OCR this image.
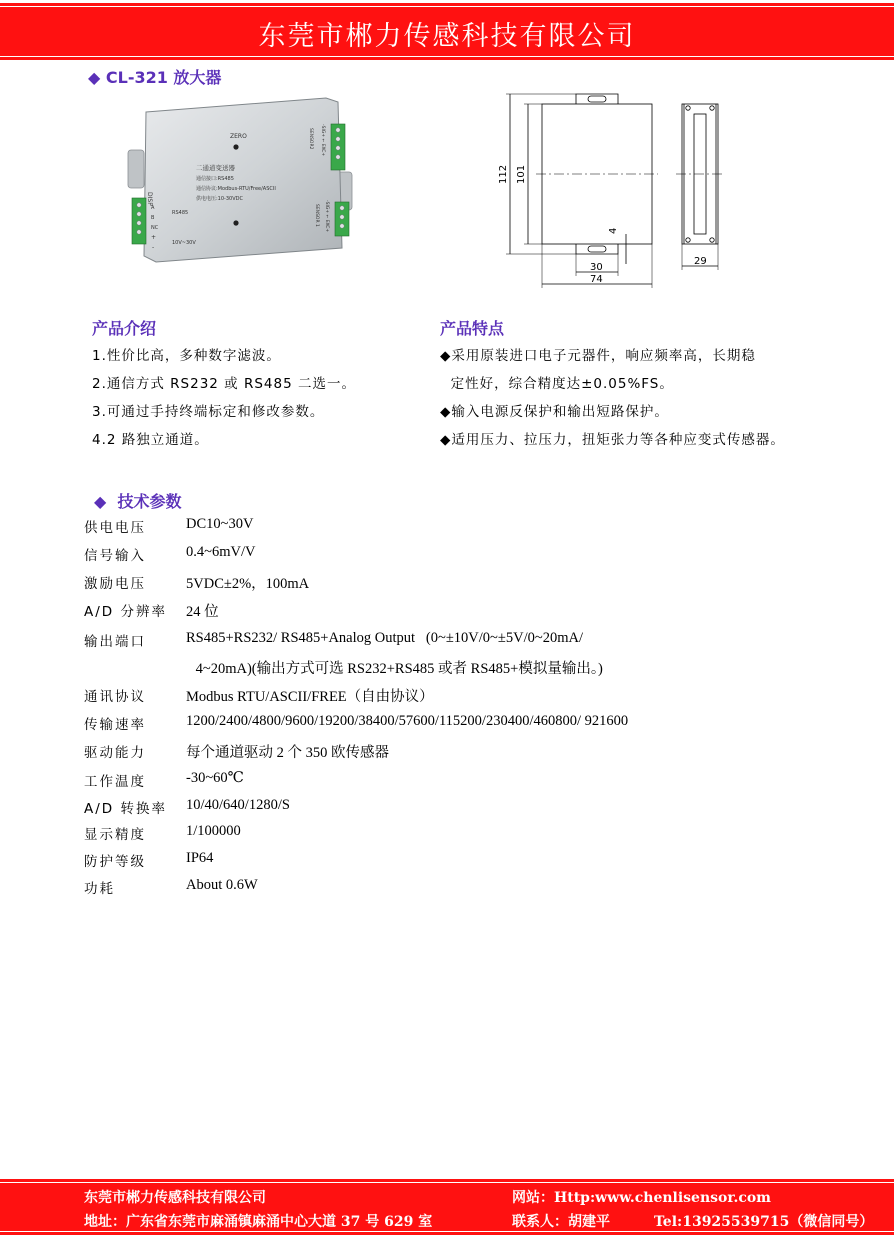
东莞市郴力传感科技有限公司
◆ CL-321 放大器
ZERO
二通道变送器
通信接口:RS485
通信协议:Modbus-RTU/Free/ASCII
供电电压:10-30VDC
DISP
RS485
A
B
NC
+
-
10V~30V
SENSOR2
SENSOR 1
-SIG+ ← EXC+
-SIG+ ← EXC+
112 101
4
30
74
29
产品介绍
1.性价比高，多种数字滤波。
2.通信方式 RS232 或 RS485 二选一。
3.可通过手持终端标定和修改参数。
4.2 路独立通道。
产品特点
◆采用原装进口电子元器件，响应频率高，长期稳
定性好，综合精度达±0.05%FS。
◆输入电源反保护和输出短路保护。
◆适用压力、拉压力，扭矩张力等各种应变式传感器。
◆  技术参数
供电电压	DC10~30V
信号输入	0.4~6mV/V
激励电压	5VDC±2%，100mA
A/D 分辨率 24 位
输出端口	RS485+RS232/ RS485+Analog Output   (0~±10V/0~±5V/0~20mA/
4~20mA)(输出方式可选 RS232+RS485 或者 RS485+模拟量输出。)
通讯协议	Modbus RTU/ASCII/FREE（自由协议）
传输速率	1200/2400/4800/9600/19200/38400/57600/115200/230400/460800/ 921600
驱动能力	每个通道驱动 2 个 350 欧传感器
工作温度	-30~60℃
A/D 转换率 10/40/640/1280/S
显示精度	1/100000
防护等级	IP64
功耗	About 0.6W
东莞市郴力传感科技有限公司	网站：Http:www.chenlisensor.com
地址：广东省东莞市麻涌镇麻涌中心大道 37 号 629 室	联系人：胡建平	Tel:13925539715（微信同号）
